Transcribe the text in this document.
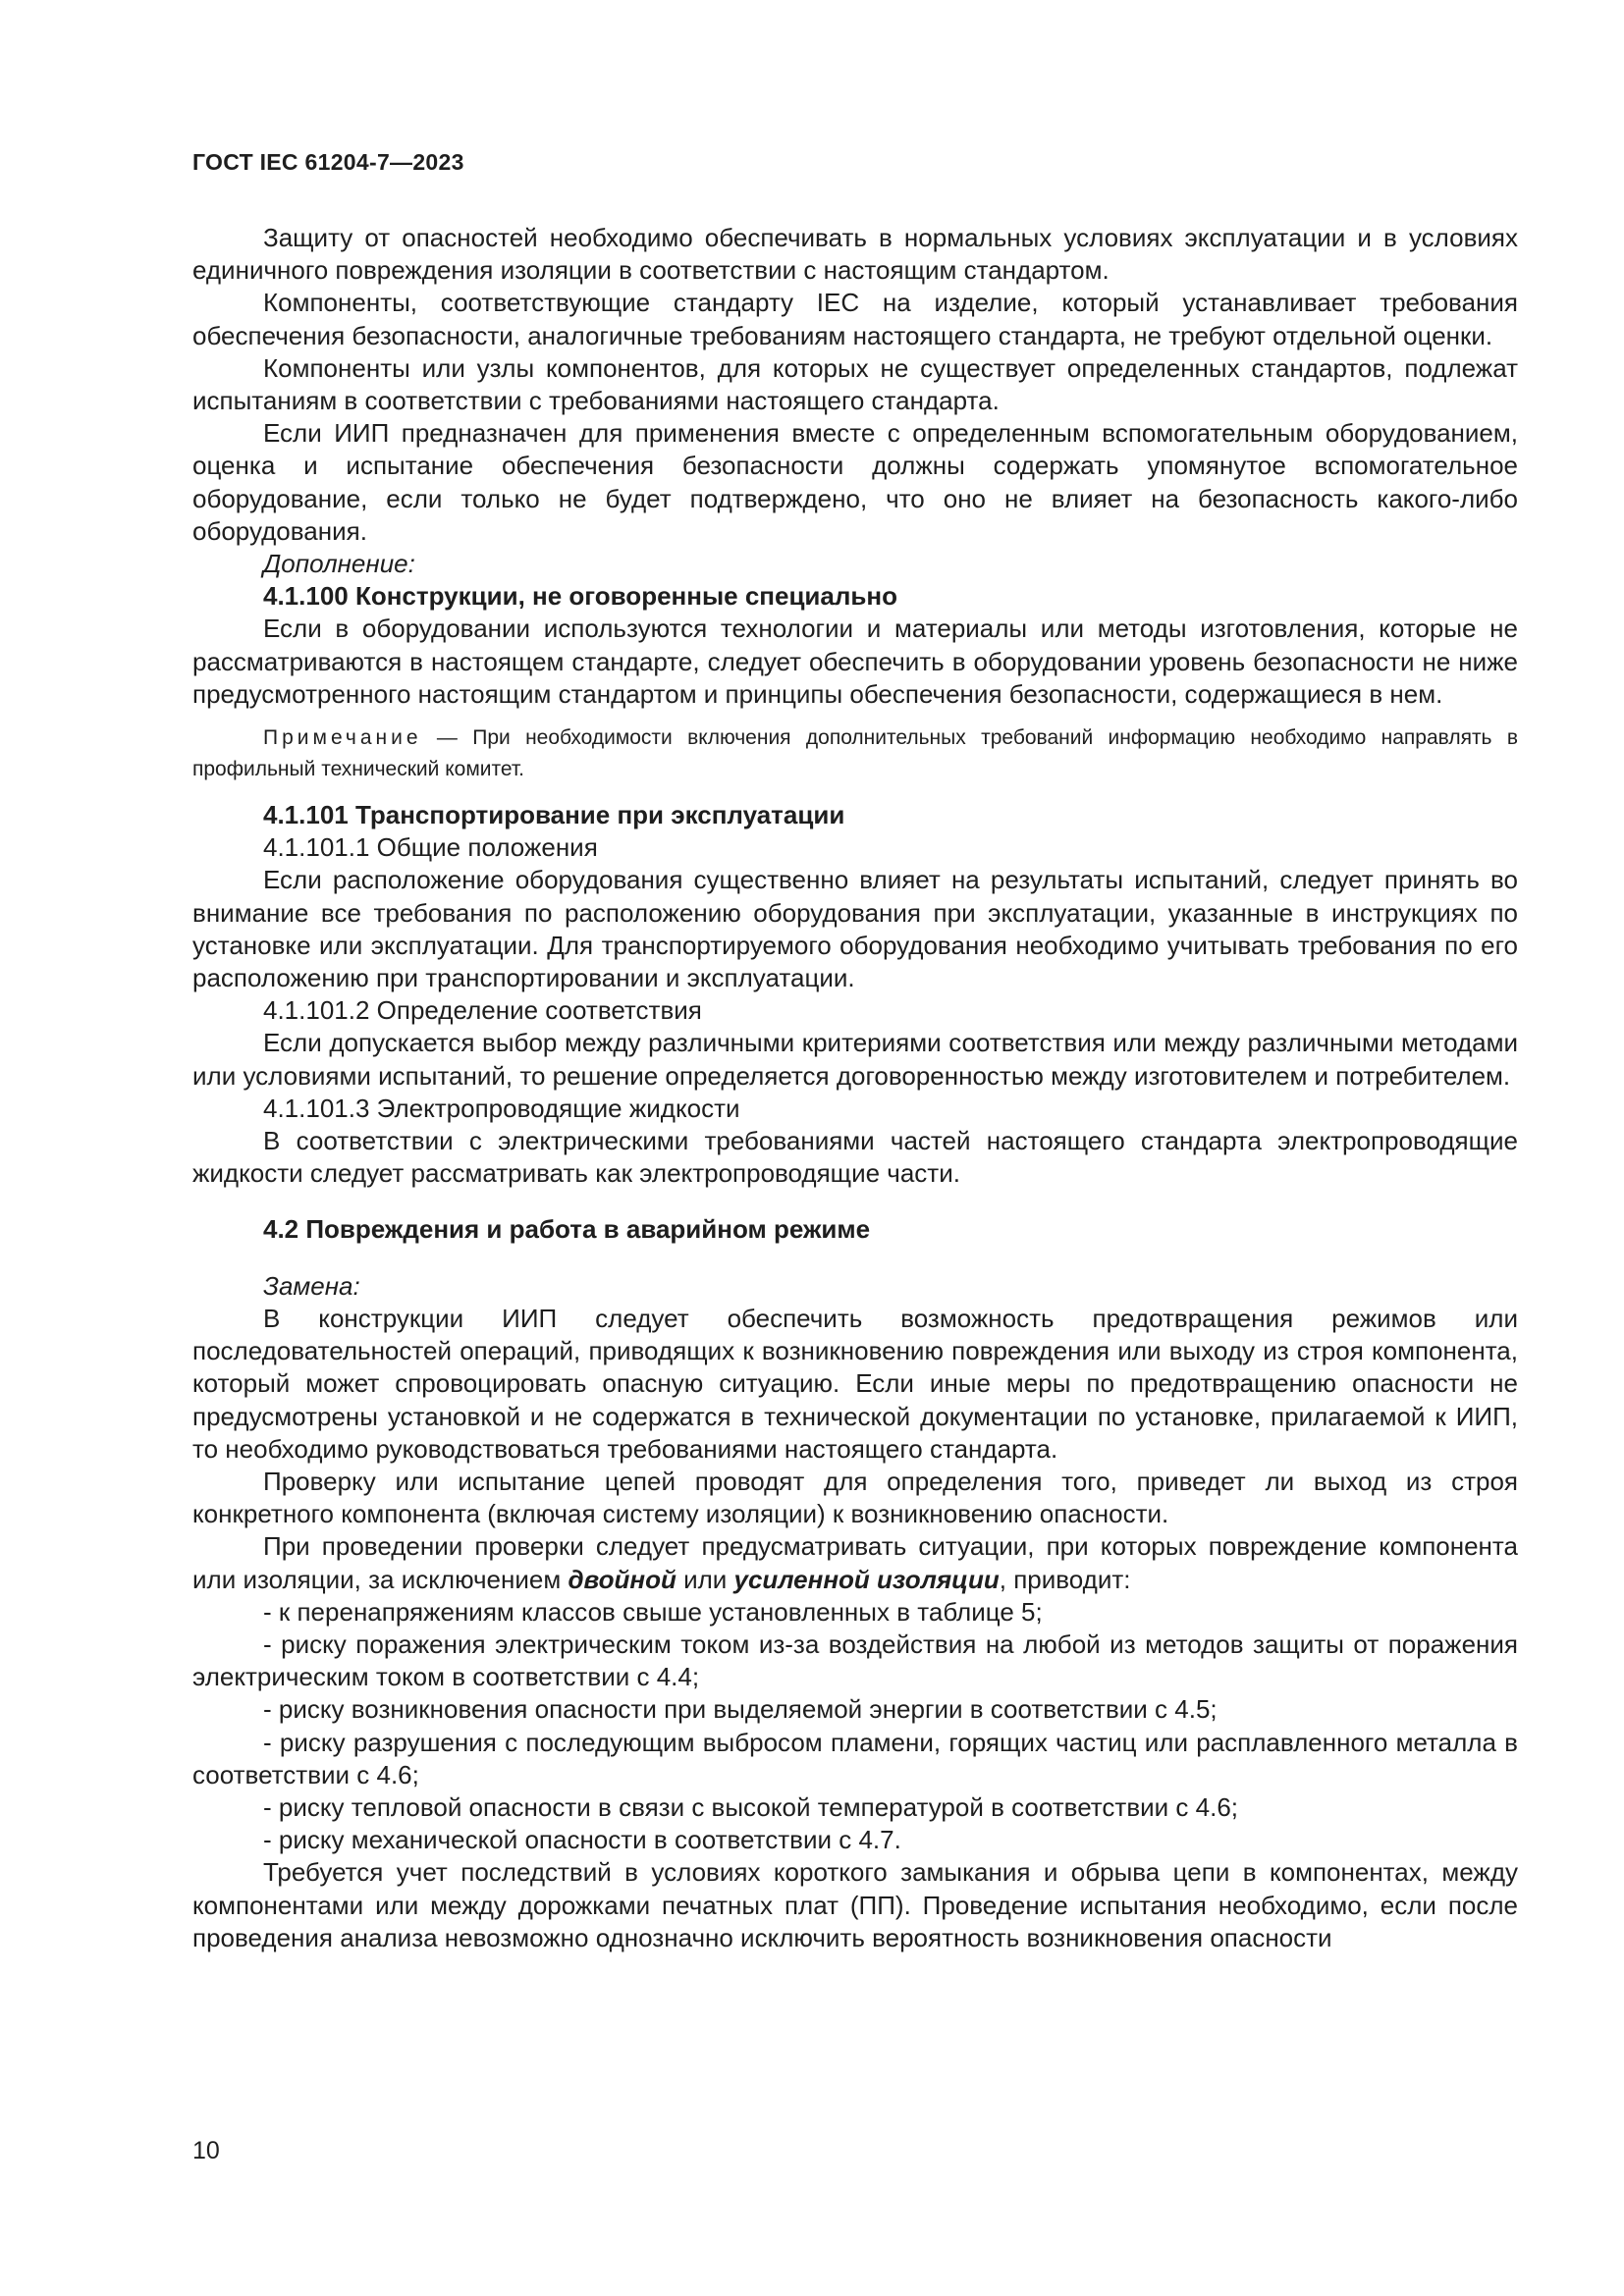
ГОСТ IEC 61204-7—2023

Защиту от опасностей необходимо обеспечивать в нормальных условиях эксплуатации и в условиях единичного повреждения изоляции в соответствии с настоящим стандартом.

Компоненты, соответствующие стандарту IEC на изделие, который устанавливает требования обеспечения безопасности, аналогичные требованиям настоящего стандарта, не требуют отдельной оценки.

Компоненты или узлы компонентов, для которых не существует определенных стандартов, подлежат испытаниям в соответствии с требованиями настоящего стандарта.

Если ИИП предназначен для применения вместе с определенным вспомогательным оборудованием, оценка и испытание обеспечения безопасности должны содержать упомянутое вспомогательное оборудование, если только не будет подтверждено, что оно не влияет на безопасность какого-либо оборудования.

Дополнение:

4.1.100 Конструкции, не оговоренные специально

Если в оборудовании используются технологии и материалы или методы изготовления, которые не рассматриваются в настоящем стандарте, следует обеспечить в оборудовании уровень безопасности не ниже предусмотренного настоящим стандартом и принципы обеспечения безопасности, содержащиеся в нем.

Примечание — При необходимости включения дополнительных требований информацию необходимо направлять в профильный технический комитет.

4.1.101 Транспортирование при эксплуатации

4.1.101.1 Общие положения

Если расположение оборудования существенно влияет на результаты испытаний, следует принять во внимание все требования по расположению оборудования при эксплуатации, указанные в инструкциях по установке или эксплуатации. Для транспортируемого оборудования необходимо учитывать требования по его расположению при транспортировании и эксплуатации.

4.1.101.2 Определение соответствия

Если допускается выбор между различными критериями соответствия или между различными методами или условиями испытаний, то решение определяется договоренностью между изготовителем и потребителем.

4.1.101.3 Электропроводящие жидкости

В соответствии с электрическими требованиями частей настоящего стандарта электропроводящие жидкости следует рассматривать как электропроводящие части.

4.2 Повреждения и работа в аварийном режиме

Замена:

В конструкции ИИП следует обеспечить возможность предотвращения режимов или последовательностей операций, приводящих к возникновению повреждения или выходу из строя компонента, который может спровоцировать опасную ситуацию. Если иные меры по предотвращению опасности не предусмотрены установкой и не содержатся в технической документации по установке, прилагаемой к ИИП, то необходимо руководствоваться требованиями настоящего стандарта.

Проверку или испытание цепей проводят для определения того, приведет ли выход из строя конкретного компонента (включая систему изоляции) к возникновению опасности.

При проведении проверки следует предусматривать ситуации, при которых повреждение компонента или изоляции, за исключением двойной или усиленной изоляции, приводит:

- к перенапряжениям классов свыше установленных в таблице 5;

- риску поражения электрическим током из-за воздействия на любой из методов защиты от поражения электрическим током в соответствии с 4.4;

- риску возникновения опасности при выделяемой энергии в соответствии с 4.5;

- риску разрушения с последующим выбросом пламени, горящих частиц или расплавленного металла в соответствии с 4.6;

- риску тепловой опасности в связи с высокой температурой в соответствии с 4.6;

- риску механической опасности в соответствии с 4.7.

Требуется учет последствий в условиях короткого замыкания и обрыва цепи в компонентах, между компонентами или между дорожками печатных плат (ПП). Проведение испытания необходимо, если после проведения анализа невозможно однозначно исключить вероятность возникновения опасности

10
